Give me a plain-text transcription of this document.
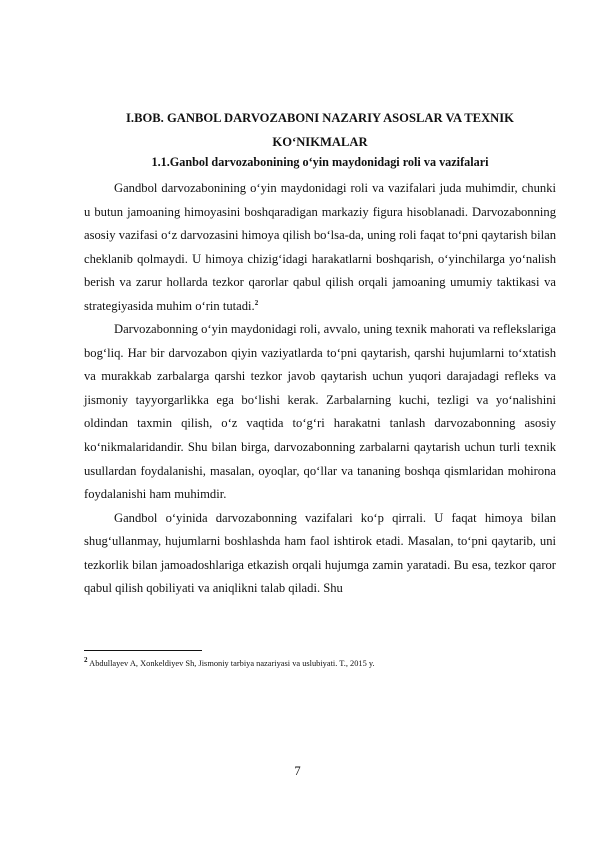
I.BOB. GANBOL DARVOZABONI NAZARIY ASOSLAR VA TEXNIK
KO‘NIKMALAR
1.1.Ganbol darvozabonining o‘yin maydonidagi roli va vazifalari

Gandbol darvozabonining o‘yin maydonidagi roli va vazifalari juda muhimdir, chunki u butun jamoaning himoyasini boshqaradigan markaziy figura hisoblanadi. Darvozabonning asosiy vazifasi o‘z darvozasini himoya qilish bo‘lsa-da, uning roli faqat to‘pni qaytarish bilan cheklanib qolmaydi. U himoya chizig‘idagi harakatlarni boshqarish, o‘yinchilarga yo‘nalish berish va zarur hollarda tezkor qarorlar qabul qilish orqali jamoaning umumiy taktikasi va strategiyasida muhim o‘rin tutadi.$^2$

Darvozabonning o‘yin maydonidagi roli, avvalo, uning texnik mahorati va reflekslariga bog‘liq. Har bir darvozabon qiyin vaziyatlarda to‘pni qaytarish, qarshi hujumlarni to‘xtatish va murakkab zarbalarga qarshi tezkor javob qaytarish uchun yuqori darajadagi refleks va jismoniy tayyorgarlikka ega bo‘lishi kerak. Zarbalarning kuchi, tezligi va yo‘nalishini oldindan taxmin qilish, o‘z vaqtida to‘g‘ri harakatni tanlash darvozabonning asosiy ko‘nikmalaridandir. Shu bilan birga, darvozabonning zarbalarni qaytarish uchun turli texnik usullardan foydalanishi, masalan, oyoqlar, qo‘llar va tananing boshqa qismlaridan mohirona foydalanishi ham muhimdir.

Gandbol o‘yinida darvozabonning vazifalari ko‘p qirrali. U faqat himoya bilan shug‘ullanmay, hujumlarni boshlashda ham faol ishtirok etadi. Masalan, to‘pni qaytarib, uni tezkorlik bilan jamoadoshlariga etkazish orqali hujumga zamin yaratadi. Bu esa, tezkor qaror qabul qilish qobiliyati va aniqlikni talab qiladi. Shu

$^2$ Abdullayev A, Xonkeldiyev Sh, Jismoniy tarbiya nazariyasi va uslubiyati. T., 2015 y.
7
